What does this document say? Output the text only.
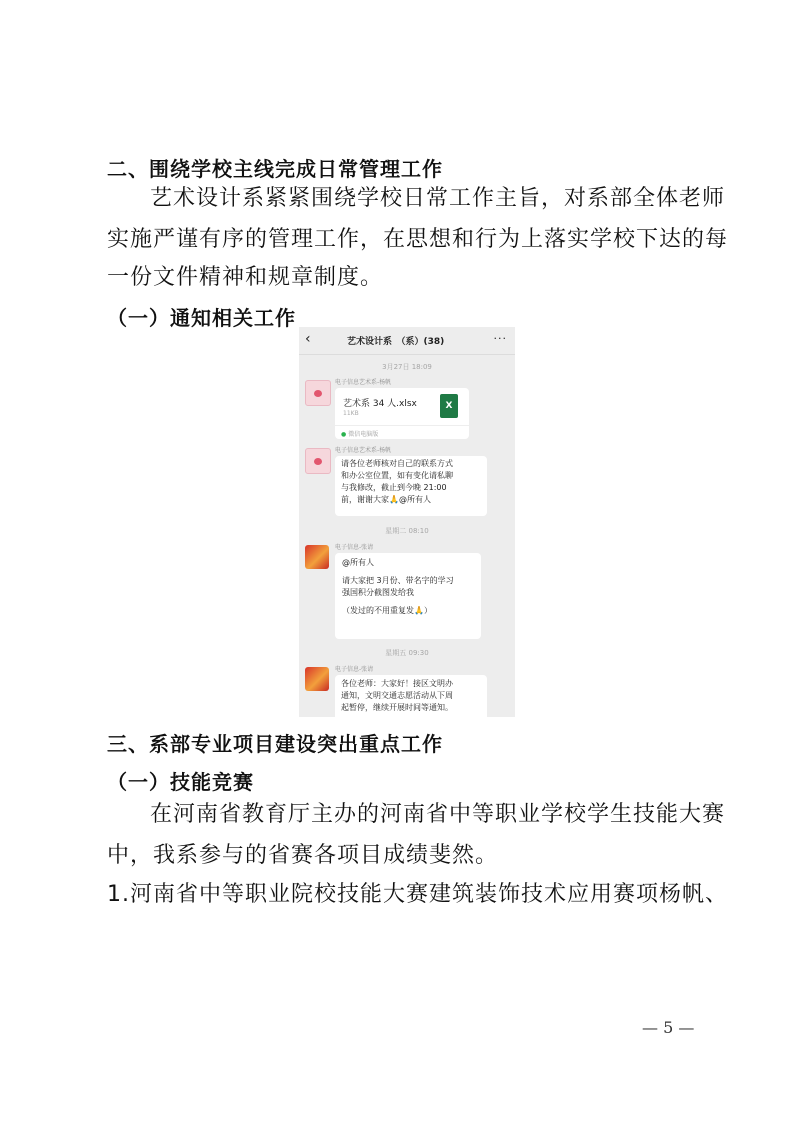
二、围绕学校主线完成日常管理工作
艺术设计系紧紧围绕学校日常工作主旨，对系部全体老师
实施严谨有序的管理工作，在思想和行为上落实学校下达的每
一份文件精神和规章制度。
（一）通知相关工作
‹	艺术设计系　（系）(38)	···
3月27日 18:09
电子信息艺术系-杨帆
艺术系 34 人.xlsx
11KB
X
● 微信电脑版
电子信息艺术系-杨帆
请各位老师核对自己的联系方式
和办公室位置，如有变化请私聊
与我修改，截止到今晚 21:00
前，谢谢大家🙏@所有人
星期二 08:10
电子信息-张请
@所有人
请大家把 3月份、带名字的学习
强国积分截图发给我
（发过的不用重复发🙏）
星期五 09:30
电子信息-张请
各位老师：大家好！接区文明办
通知，文明交通志愿活动从下周
起暂停，继续开展时间等通知。
三、系部专业项目建设突出重点工作
（一）技能竞赛
在河南省教育厅主办的河南省中等职业学校学生技能大赛
中，我系参与的省赛各项目成绩斐然。
1.河南省中等职业院校技能大赛建筑装饰技术应用赛项杨帆、
— 5 —
